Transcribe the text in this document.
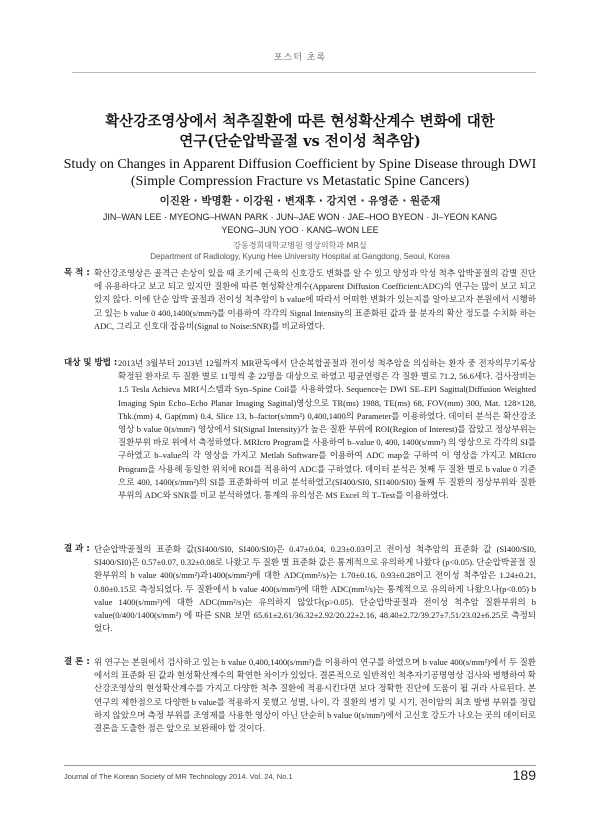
포스터 초록
확산강조영상에서 척추질환에 따른 현성확산계수 변화에 대한
연구(단순압박골절 vs 전이성 척추암)
Study on Changes in Apparent Diffusion Coefficient by Spine Disease through DWI
(Simple Compression Fracture vs Metastatic Spine Cancers)
이진완 · 박명환 · 이강원 · 변재후 · 강지연 · 유영준 · 원준재
JIN–WAN LEE · MYEONG–HWAN PARK · JUN–JAE WON · JAE–HOO BYEON · JI–YEON KANG
YEONG–JUN YOO · KANG–WON LEE
강동경희대학교병원 영상의학과 MR실
Department of Radiology, Kyung Hee University Hospital at Gangdong, Seoul, Korea
목 적 : 확산강조영상은 골격근 손상이 있을 때 조기에 근육의 신호강도 변화를 알 수 있고 양성과 악성 척추 압박골절의 감별 진단에 유용하다고 보고 되고 있지만 질환에 따른 현성확산계수(Apparent Diffusion Coefficient:ADC)의 연구는 많이 보고 되고 있지 않다. 이에 단순 압박 골절과 전이성 척추암이 b value에 따라서 어떠한 변화가 있는지를 알아보고자 본원에서 시행하고 있는 b value 0 400,1400(s/mm²)를 이용하여 각각의 Signal Intensity의 표준화된 값과 물 분자의 확산 정도를 수치화 하는 ADC, 그리고 신호대 잡음비(Signal to Noise:SNR)를 비교하였다.
대상 및 방법 : 2013년 3월부터 2013년 12월까지 MR판독에서 단순복합골절과 전이성 척추암을 의심하는 환자 중 전자의무기록상 확정된 환자로 두 질환 별로 11명씩 총 22명을 대상으로 하였고 평균연령은 각 질환 별로 71.2, 56.6세다. 검사장비는 1.5 Tesla Achieva MRI시스템과 Syn–Spine Coil를 사용하였다. Sequence는 DWI SE–EPI Sagittal(Diffusion Weighted Imaging Spin Echo–Echo Planar Imaging Sagittal)영상으로 TR(ms) 1988, TE(ms) 68, FOV(mm) 300, Mat. 128×128, Thk.(mm) 4, Gap(mm) 0.4, Slice 13, b–factor(s/mm²) 0,400,1400의 Parameter를 이용하였다. 데이터 분석은 확산강조영상 b value 0(s/mm²) 영상에서 SI(Signal Intensity)가 높은 질환 부위에 ROI(Region of Interest)를 잡았고 정상부위는 질환부위 바로 위에서 측정하였다. MRIcro Program을 사용하여 b–value 0, 400, 1400(s/mm²) 의 영상으로 각각의 SI를 구하였고 b–value의 각 영상을 가지고 Metlab Software를 이용하여 ADC map을 구하여 이 영상을 가지고 MRIcro Program을 사용해 동일한 위치에 ROI를 적용하여 ADC를 구하였다. 데이터 분석은 첫째 두 질환 별로 b value 0 기준으로 400, 1400(s/mm²)의 SI를 표준화하여 비교 분석하였고(SI400/SI0, SI1400/SI0) 둘째 두 질환의 정상부위와 질환부위의 ADC와 SNR를 비교 분석하였다. 통계의 유의성은 MS Excel 의 T–Test를 이용하였다.
결 과 : 단순압박골절의 표준화 값(SI400/SI0, SI400/SI0)은 0.47±0.04, 0.23±0.03이고 전이성 척추암의 표준화 값 (SI400/SI0, SI400/SI0)은 0.57±0.07, 0.32±0.08로 나왔고 두 질환 별 표준화 값은 통계적으로 유의하게 나왔다 (p<0.05). 단순압박골절 질환부위의 b value 400(s/mm²)과1400(s/mm²)에 대한 ADC(mm²/s)는 1.70±0.16, 0.93±0.28이고 전이성 척추암은 1.24±0.21, 0.80±0.15로 측정되었다. 두 질환에서 b value 400(s/mm²)에 대한 ADC(mm²/s)는 통계적으로 유의하게 나왔으나(p<0.05) b value 1400(s/mm²)에 대한 ADC(mm²/s)는 유의하지 않았다(p>0.05). 단순압박골절과 전이성 척추암 질환부위의 b value(0/400/1400(s/mm²) 에 따른 SNR 보면 65.61±2.61/36.32±2.92/20.22±2.16, 48.40±2.72/39.27±7.51/23.02±6.25로 측정되었다.
결 론 : 위 연구는 본원에서 검사하고 있는 b value 0,400,1400(s/mm²)을 이용하여 연구를 하였으며 b value 400(s/mm²)에서 두 질환에서의 표준화 된 값과 현성확산계수의 확연한 차이가 있었다. 결론적으로 일반적인 척추자기공명영상 검사와 병행하여 확산강조영상의 현성확산계수를 가지고 다양한 척추 질환에 적용시킨다면 보다 정확한 진단에 도움이 될 귀라 사료된다. 본 연구의 제한점으로 다양한 b value를 적용하지 못했고 성별, 나이, 각 질환의 병기 및 시기, 전이암의 최초 발병 부위를 정립하지 않았으며 측정 부위를 조영제를 사용한 영상이 아닌 단순히 b value 0(s/mm²)에서 고신호 강도가 나오는 곳의 데이터로 결론을 도출한 점은 앞으로 보완해야 할 것이다.
Journal of The Korean Society of MR Technology 2014. Vol. 24, No.1	189
